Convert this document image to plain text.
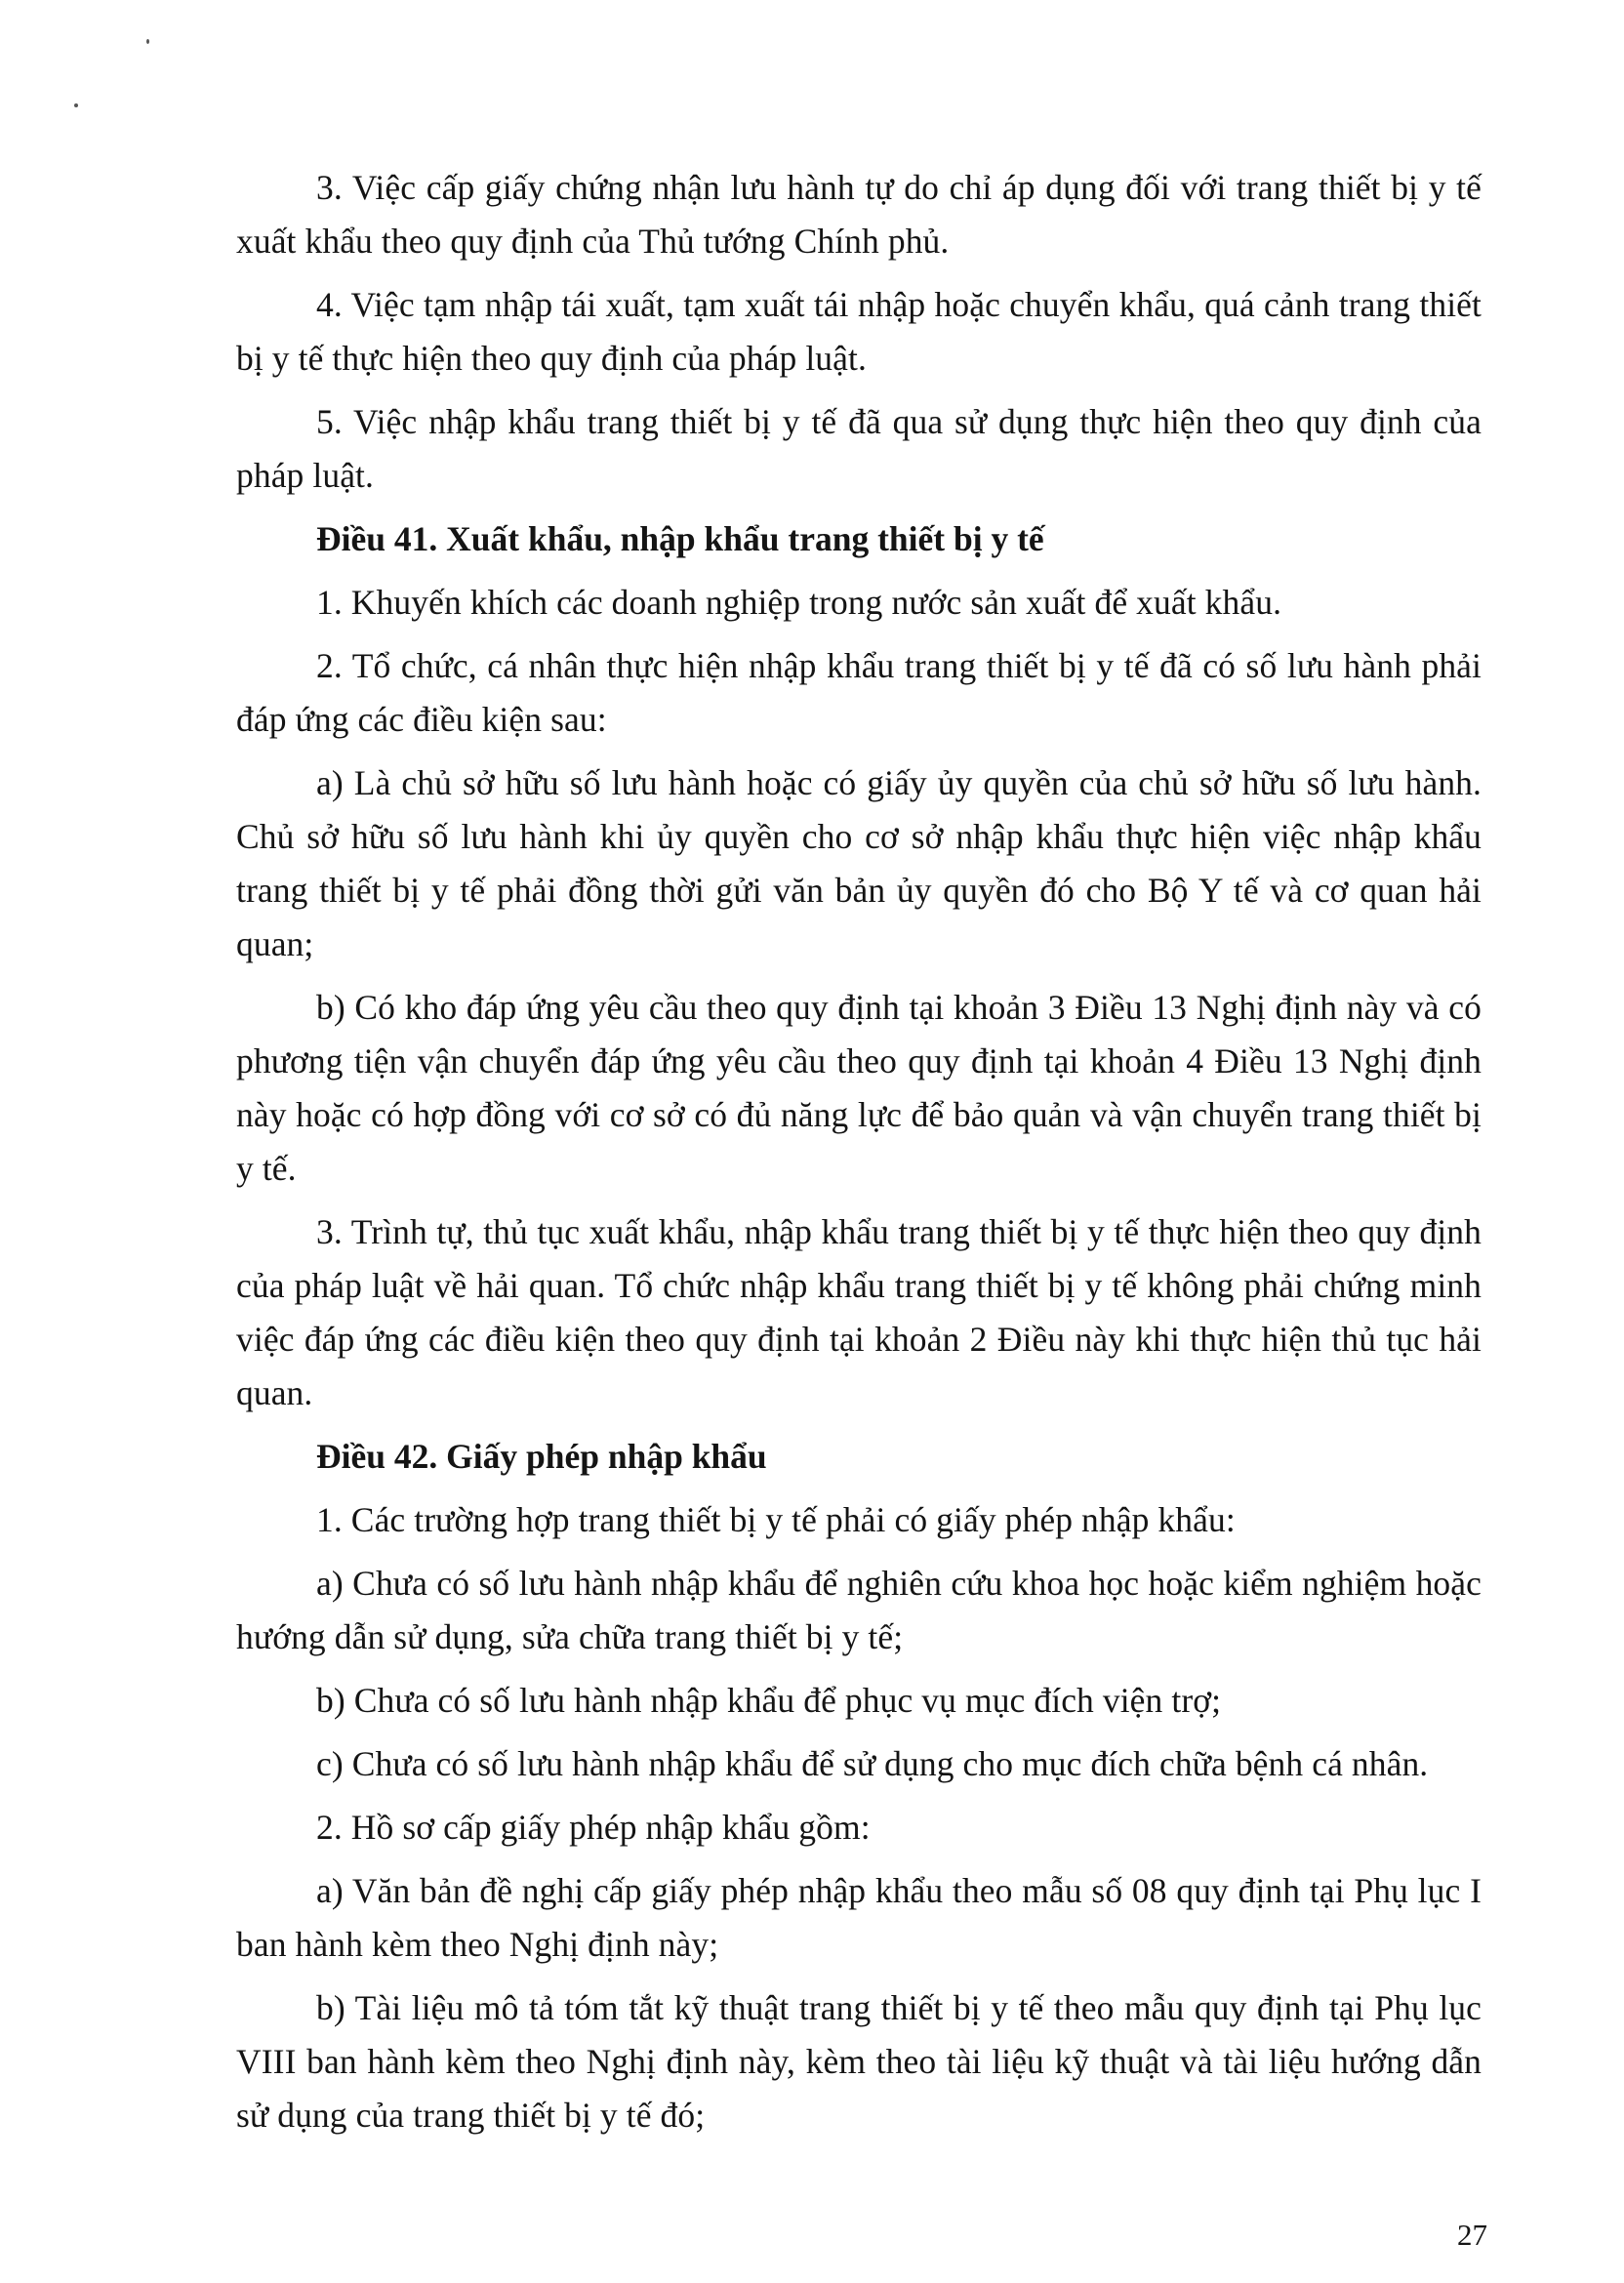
3. Việc cấp giấy chứng nhận lưu hành tự do chỉ áp dụng đối với trang thiết bị y tế xuất khẩu theo quy định của Thủ tướng Chính phủ.

4. Việc tạm nhập tái xuất, tạm xuất tái nhập hoặc chuyển khẩu, quá cảnh trang thiết bị y tế thực hiện theo quy định của pháp luật.

5. Việc nhập khẩu trang thiết bị y tế đã qua sử dụng thực hiện theo quy định của pháp luật.

Điều 41. Xuất khẩu, nhập khẩu trang thiết bị y tế

1. Khuyến khích các doanh nghiệp trong nước sản xuất để xuất khẩu.

2. Tổ chức, cá nhân thực hiện nhập khẩu trang thiết bị y tế đã có số lưu hành phải đáp ứng các điều kiện sau:

a) Là chủ sở hữu số lưu hành hoặc có giấy ủy quyền của chủ sở hữu số lưu hành. Chủ sở hữu số lưu hành khi ủy quyền cho cơ sở nhập khẩu thực hiện việc nhập khẩu trang thiết bị y tế phải đồng thời gửi văn bản ủy quyền đó cho Bộ Y tế và cơ quan hải quan;

b) Có kho đáp ứng yêu cầu theo quy định tại khoản 3 Điều 13 Nghị định này và có phương tiện vận chuyển đáp ứng yêu cầu theo quy định tại khoản 4 Điều 13 Nghị định này hoặc có hợp đồng với cơ sở có đủ năng lực để bảo quản và vận chuyển trang thiết bị y tế.

3. Trình tự, thủ tục xuất khẩu, nhập khẩu trang thiết bị y tế thực hiện theo quy định của pháp luật về hải quan. Tổ chức nhập khẩu trang thiết bị y tế không phải chứng minh việc đáp ứng các điều kiện theo quy định tại khoản 2 Điều này khi thực hiện thủ tục hải quan.

Điều 42. Giấy phép nhập khẩu

1. Các trường hợp trang thiết bị y tế phải có giấy phép nhập khẩu:

a) Chưa có số lưu hành nhập khẩu để nghiên cứu khoa học hoặc kiểm nghiệm hoặc hướng dẫn sử dụng, sửa chữa trang thiết bị y tế;

b) Chưa có số lưu hành nhập khẩu để phục vụ mục đích viện trợ;

c) Chưa có số lưu hành nhập khẩu để sử dụng cho mục đích chữa bệnh cá nhân.

2. Hồ sơ cấp giấy phép nhập khẩu gồm:

a) Văn bản đề nghị cấp giấy phép nhập khẩu theo mẫu số 08 quy định tại Phụ lục I ban hành kèm theo Nghị định này;

b) Tài liệu mô tả tóm tắt kỹ thuật trang thiết bị y tế theo mẫu quy định tại Phụ lục VIII ban hành kèm theo Nghị định này, kèm theo tài liệu kỹ thuật và tài liệu hướng dẫn sử dụng của trang thiết bị y tế đó;

27
